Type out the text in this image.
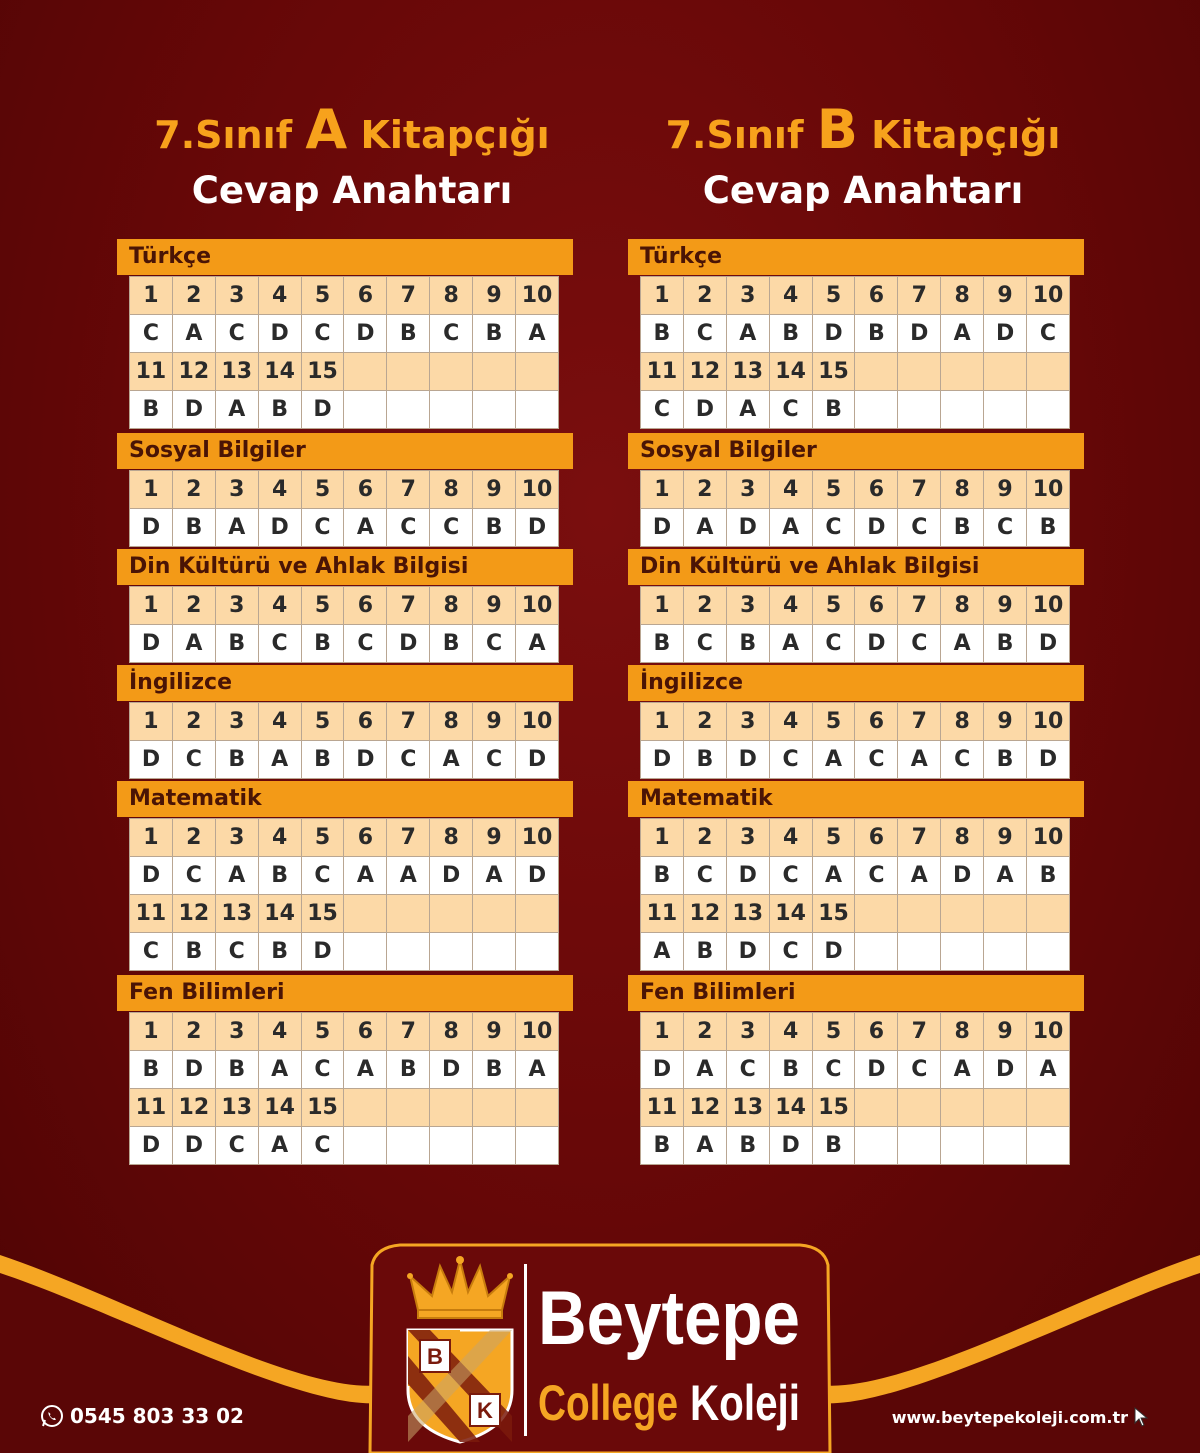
7.Sınıf A Kitapçığı
Cevap Anahtarı
Türkçe
1	2	3	4	5	6	7	8	9	10
C	A	C	D	C	D	B	C	B	A
11	12	13	14	15					
B	D	A	B	D					
Sosyal Bilgiler
1	2	3	4	5	6	7	8	9	10
D	B	A	D	C	A	C	C	B	D
Din Kültürü ve Ahlak Bilgisi
1	2	3	4	5	6	7	8	9	10
D	A	B	C	B	C	D	B	C	A
İngilizce
1	2	3	4	5	6	7	8	9	10
D	C	B	A	B	D	C	A	C	D
Matematik
1	2	3	4	5	6	7	8	9	10
D	C	A	B	C	A	A	D	A	D
11	12	13	14	15					
C	B	C	B	D					
Fen Bilimleri
1	2	3	4	5	6	7	8	9	10
B	D	B	A	C	A	B	D	B	A
11	12	13	14	15					
D	D	C	A	C					
7.Sınıf B Kitapçığı
Cevap Anahtarı
Türkçe
1	2	3	4	5	6	7	8	9	10
B	C	A	B	D	B	D	A	D	C
11	12	13	14	15					
C	D	A	C	B					
Sosyal Bilgiler
1	2	3	4	5	6	7	8	9	10
D	A	D	A	C	D	C	B	C	B
Din Kültürü ve Ahlak Bilgisi
1	2	3	4	5	6	7	8	9	10
B	C	B	A	C	D	C	A	B	D
İngilizce
1	2	3	4	5	6	7	8	9	10
D	B	D	C	A	C	A	C	B	D
Matematik
1	2	3	4	5	6	7	8	9	10
B	C	D	C	A	C	A	D	A	B
11	12	13	14	15					
A	B	D	C	D					
Fen Bilimleri
1	2	3	4	5	6	7	8	9	10
D	A	C	B	C	D	C	A	D	A
11	12	13	14	15					
B	A	B	D	B					
B
K
Beytepe
College Koleji
0545 803 33 02	www.beytepekoleji.com.tr
